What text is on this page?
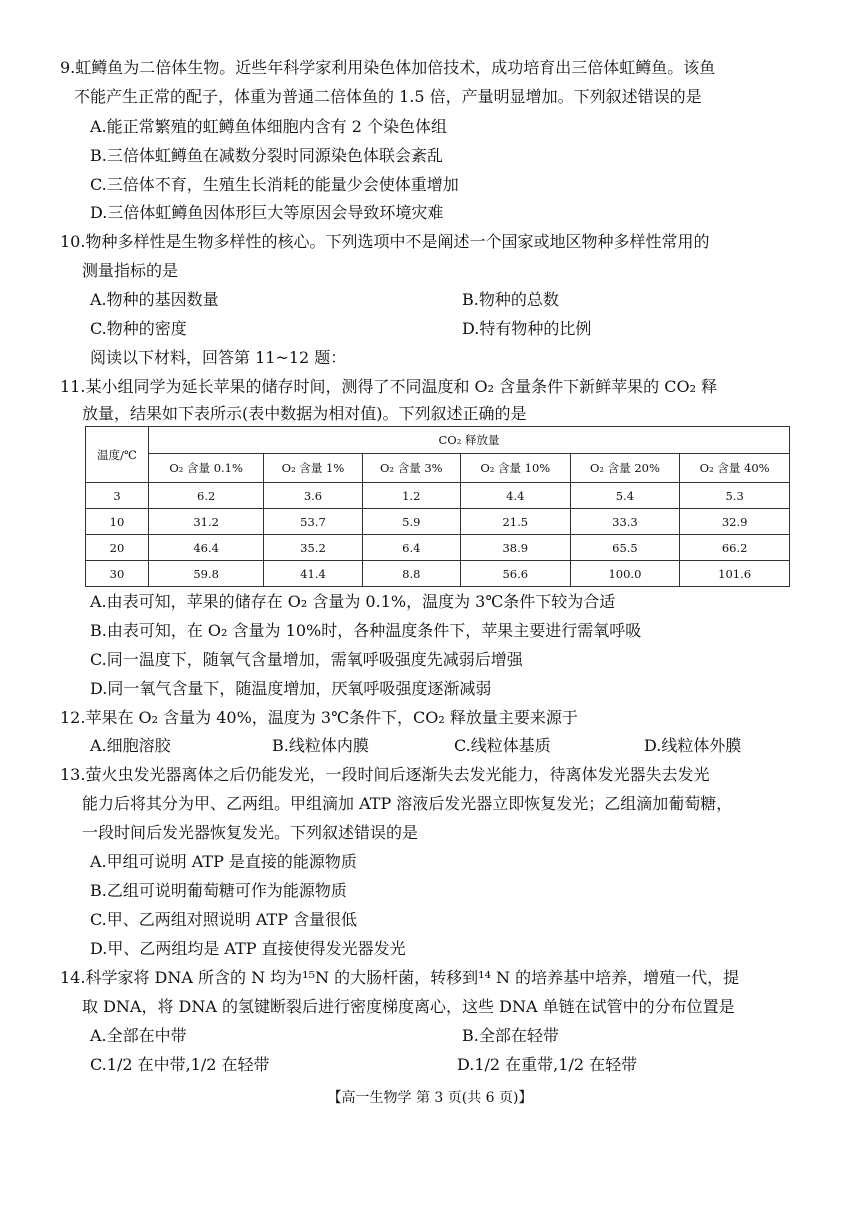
9.虹鳟鱼为二倍体生物。近些年科学家利用染色体加倍技术，成功培育出三倍体虹鳟鱼。该鱼
不能产生正常的配子，体重为普通二倍体鱼的 1.5 倍，产量明显增加。下列叙述错误的是
A.能正常繁殖的虹鳟鱼体细胞内含有 2 个染色体组
B.三倍体虹鳟鱼在减数分裂时同源染色体联会紊乱
C.三倍体不育，生殖生长消耗的能量少会使体重增加
D.三倍体虹鳟鱼因体形巨大等原因会导致环境灾难
10.物种多样性是生物多样性的核心。下列选项中不是阐述一个国家或地区物种多样性常用的
测量指标的是
A.物种的基因数量	B.物种的总数
C.物种的密度	D.特有物种的比例
阅读以下材料，回答第 11~12 题：
11.某小组同学为延长苹果的储存时间，测得了不同温度和 O₂ 含量条件下新鲜苹果的 CO₂ 释
放量，结果如下表所示(表中数据为相对值)。下列叙述正确的是
温度/℃	CO₂ 释放量					
	O₂ 含量 0.1%	O₂ 含量 1%	O₂ 含量 3%	O₂ 含量 10%	O₂ 含量 20%	O₂ 含量 40%
3	6.2	3.6	1.2	4.4	5.4	5.3
10	31.2	53.7	5.9	21.5	33.3	32.9
20	46.4	35.2	6.4	38.9	65.5	66.2
30	59.8	41.4	8.8	56.6	100.0	101.6
A.由表可知，苹果的储存在 O₂ 含量为 0.1%，温度为 3℃条件下较为合适
B.由表可知，在 O₂ 含量为 10%时，各种温度条件下，苹果主要进行需氧呼吸
C.同一温度下，随氧气含量增加，需氧呼吸强度先减弱后增强
D.同一氧气含量下，随温度增加，厌氧呼吸强度逐渐减弱
12.苹果在 O₂ 含量为 40%，温度为 3℃条件下，CO₂ 释放量主要来源于
A.细胞溶胶	B.线粒体内膜	C.线粒体基质	D.线粒体外膜
13.萤火虫发光器离体之后仍能发光，一段时间后逐渐失去发光能力，待离体发光器失去发光
能力后将其分为甲、乙两组。甲组滴加 ATP 溶液后发光器立即恢复发光；乙组滴加葡萄糖，
一段时间后发光器恢复发光。下列叙述错误的是
A.甲组可说明 ATP 是直接的能源物质
B.乙组可说明葡萄糖可作为能源物质
C.甲、乙两组对照说明 ATP 含量很低
D.甲、乙两组均是 ATP 直接使得发光器发光
14.科学家将 DNA 所含的 N 均为¹⁵N 的大肠杆菌，转移到¹⁴ N 的培养基中培养，增殖一代，提
取 DNA，将 DNA 的氢键断裂后进行密度梯度离心，这些 DNA 单链在试管中的分布位置是
A.全部在中带	B.全部在轻带
C.1/2 在中带,1/2 在轻带	D.1/2 在重带,1/2 在轻带
【高一生物学 第 3 页(共 6 页)】
